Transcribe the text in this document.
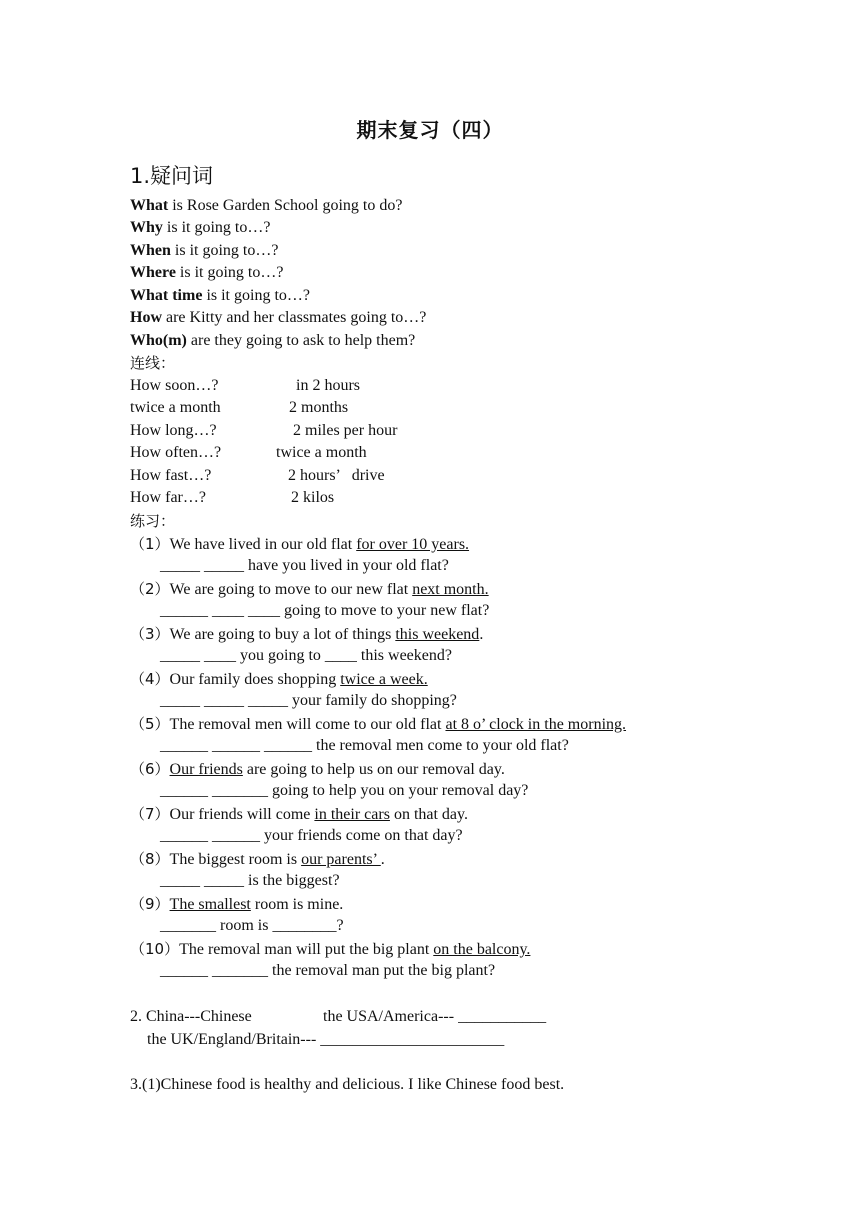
期末复习（四）
1.疑问词
What is Rose Garden School going to do?
Why is it going to…?
When is it going to…?
Where is it going to…?
What time is it going to…?
How are Kitty and her classmates going to…?
Who(m) are they going to ask to help them?
连线：
How soon…?	in 2 hours
twice a month	2 months
How long…?	2 miles per hour
How often…?	twice a month
How fast…?	2 hours’   drive
How far…?	2 kilos
练习：
（1）We have lived in our old flat for over 10 years.
_____ _____ have you lived in your old flat?
（2）We are going to move to our new flat next month.
______ ____ ____ going to move to your new flat?
（3）We are going to buy a lot of things this weekend.
_____ ____ you going to ____ this weekend?
（4）Our family does shopping twice a week.
_____ _____ _____ your family do shopping?
（5）The removal men will come to our old flat at 8 o’ clock in the morning.
______ ______ ______ the removal men come to your old flat?
（6）Our friends are going to help us on our removal day.
______ _______ going to help you on your removal day?
（7）Our friends will come in their cars on that day.
______ ______ your friends come on that day?
（8）The biggest room is our parents’ .
_____ _____ is the biggest?
（9）The smallest room is mine.
_______ room is ________?
（10）The removal man will put the big plant on the balcony.
______ _______ the removal man put the big plant?
2. China---Chinese	the USA/America--- ___________
the UK/England/Britain--- _______________________
3.(1)Chinese food is healthy and delicious. I like Chinese food best.
